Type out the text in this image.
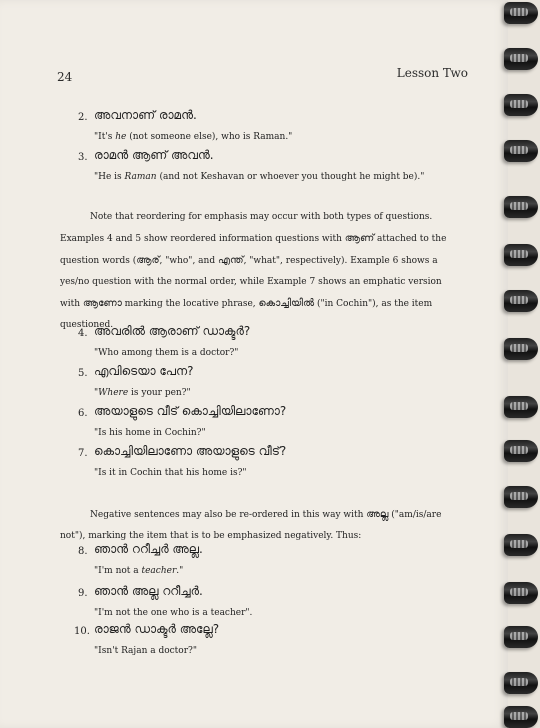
24	Lesson Two
2. അവനാണ് രാമൻ.
"It's he (not someone else), who is Raman."
3. രാമൻ ആണ് അവൻ.
"He is Raman (and not Keshavan or whoever you thought he might be)."

Note that reordering for emphasis may occur with both types of questions. Examples 4 and 5 show reordered information questions with ആണ് attached to the question words (ആര്, "who", and എന്ത്, "what", respectively). Example 6 shows a yes/no question with the normal order, while Example 7 shows an emphatic version with ആണോ marking the locative phrase, കൊച്ചിയിൽ ("in Cochin"), as the item questioned.

4. അവരിൽ ആരാണ് ഡാക്ടർ?
"Who among them is a doctor?"
5. എവിടെയാ പേന?
"Where is your pen?"
6. അയാളുടെ വീട് കൊച്ചിയിലാണോ?
"Is his home in Cochin?"
7. കൊച്ചിയിലാണോ അയാളുടെ വീട്?
"Is it in Cochin that his home is?"

Negative sentences may also be re-ordered in this way with അല്ല ("am/is/are not"), marking the item that is to be emphasized negatively. Thus:

8. ഞാൻ ററീച്ചർ അല്ല.
"I'm not a teacher."
9. ഞാൻ അല്ല ററീച്ചർ.
"I'm not the one who is a teacher".
10. രാജൻ ഡാക്ടർ അല്ലേ?
"Isn't Rajan a doctor?"
